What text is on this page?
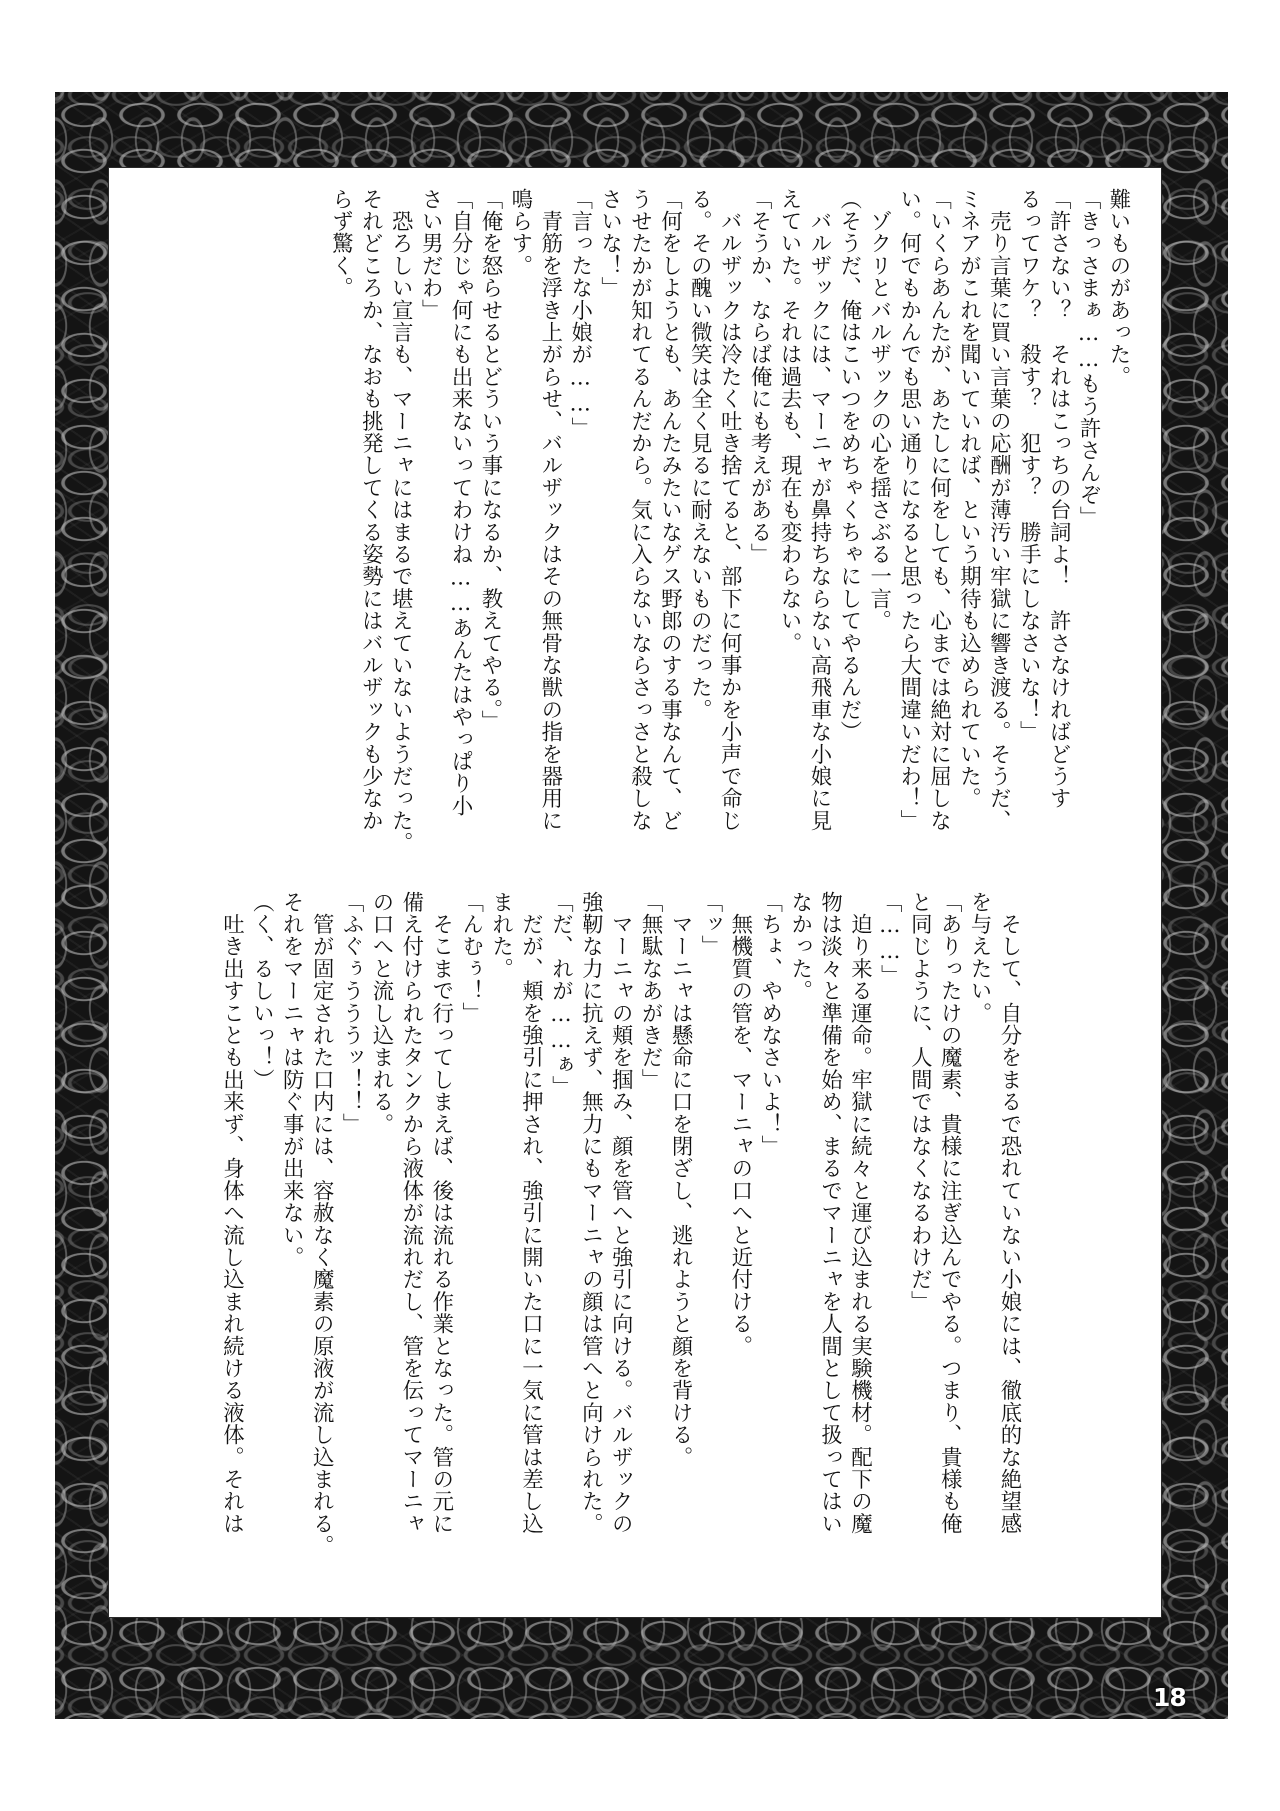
難いものがあった。

「きっさまぁ……もう許さんぞ」

「許さない？　それはこっちの台詞よ！　許さなければどうす

るってワケ？　殺す？　犯す？　勝手にしなさいな！」

　売り言葉に買い言葉の応酬が薄汚い牢獄に響き渡る。そうだ、

ミネアがこれを聞いていれば、という期待も込められていた。

「いくらあんたが、あたしに何をしても、心までは絶対に屈しな

い。何でもかんでも思い通りになると思ったら大間違いだわ！」

　ゾクリとバルザックの心を揺さぶる一言。

（そうだ、俺はこいつをめちゃくちゃにしてやるんだ）

　バルザックには、マーニャが鼻持ちならない高飛車な小娘に見

えていた。それは過去も、現在も変わらない。

「そうか、ならば俺にも考えがある」

　バルザックは冷たく吐き捨てると、部下に何事かを小声で命じ

る。その醜い微笑は全く見るに耐えないものだった。

「何をしようとも、あんたみたいなゲス野郎のする事なんて、ど

うせたかが知れてるんだから。気に入らないならさっさと殺しな

さいな！」

「言ったな小娘が……」

　青筋を浮き上がらせ、バルザックはその無骨な獣の指を器用に

鳴らす。

「俺を怒らせるとどういう事になるか、教えてやる。」

「自分じゃ何にも出来ないってわけね……あんたはやっぱり小

さい男だわ」

　恐ろしい宣言も、マーニャにはまるで堪えていないようだった。

それどころか、なおも挑発してくる姿勢にはバルザックも少なか

らず驚く。

　そして、自分をまるで恐れていない小娘には、徹底的な絶望感

を与えたい。

「ありったけの魔素、貴様に注ぎ込んでやる。つまり、貴様も俺

と同じように、人間ではなくなるわけだ」

「……」

　迫り来る運命。牢獄に続々と運び込まれる実験機材。配下の魔

物は淡々と準備を始め、まるでマーニャを人間として扱ってはい

なかった。

「ちょ、やめなさいよ！」

　無機質の管を、マーニャの口へと近付ける。

「ッ」

　マーニャは懸命に口を閉ざし、逃れようと顔を背ける。

「無駄なあがきだ」

　マーニャの頬を掴み、顔を管へと強引に向ける。バルザックの

強靭な力に抗えず、無力にもマーニャの顔は管へと向けられた。

「だ、れが……ぁ」

　だが、頬を強引に押され、強引に開いた口に一気に管は差し込

まれた。

「んむぅ！」

　そこまで行ってしまえば、後は流れる作業となった。管の元に

備え付けられたタンクから液体が流れだし、管を伝ってマーニャ

の口へと流し込まれる。

「ふぐぅうううッ！！」

　管が固定された口内には、容赦なく魔素の原液が流し込まれる。

それをマーニャは防ぐ事が出来ない。

（く、るしいっ！）

　吐き出すことも出来ず、身体へ流し込まれ続ける液体。それは

18
